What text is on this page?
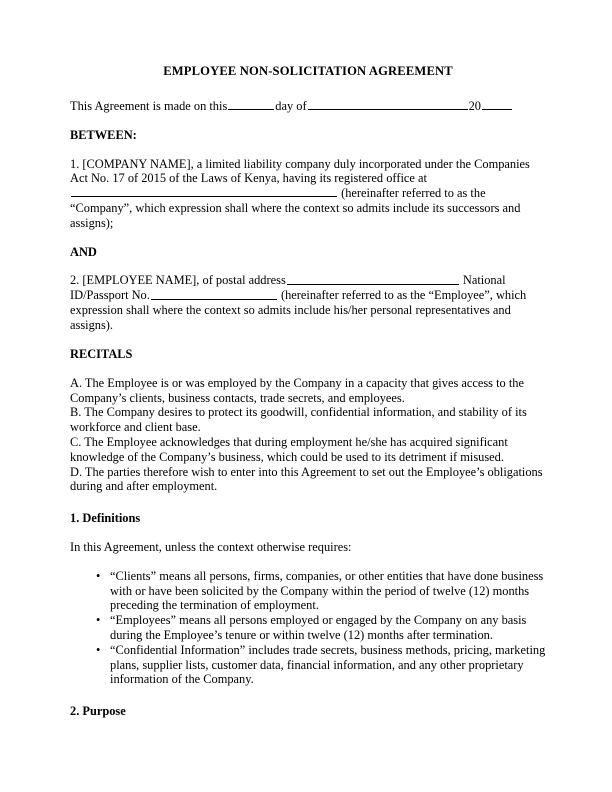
EMPLOYEE NON-SOLICITATION AGREEMENT
This Agreement is made on this	day of	20
BETWEEN:
1. [COMPANY NAME], a limited liability company duly incorporated under the Companies Act No. 17 of 2015 of the Laws of Kenya, having its registered office at
(hereinafter referred to as the “Company”, which expression shall where the context so admits include its successors and assigns);
AND
2. [EMPLOYEE NAME], of postal address	National ID/Passport No.	(hereinafter referred to as the “Employee”, which expression shall where the context so admits include his/her personal representatives and assigns).
RECITALS

A. The Employee is or was employed by the Company in a capacity that gives access to the Company’s clients, business contacts, trade secrets, and employees.

B. The Company desires to protect its goodwill, confidential information, and stability of its workforce and client base.

C. The Employee acknowledges that during employment he/she has acquired significant knowledge of the Company’s business, which could be used to its detriment if misused.

D. The parties therefore wish to enter into this Agreement to set out the Employee’s obligations during and after employment.

1. Definitions
In this Agreement, unless the context otherwise requires:
• “Clients” means all persons, firms, companies, or other entities that have done business with or have been solicited by the Company within the period of twelve (12) months preceding the termination of employment.
• “Employees” means all persons employed or engaged by the Company on any basis during the Employee’s tenure or within twelve (12) months after termination.
• “Confidential Information” includes trade secrets, business methods, pricing, marketing plans, supplier lists, customer data, financial information, and any other proprietary information of the Company.
2. Purpose
